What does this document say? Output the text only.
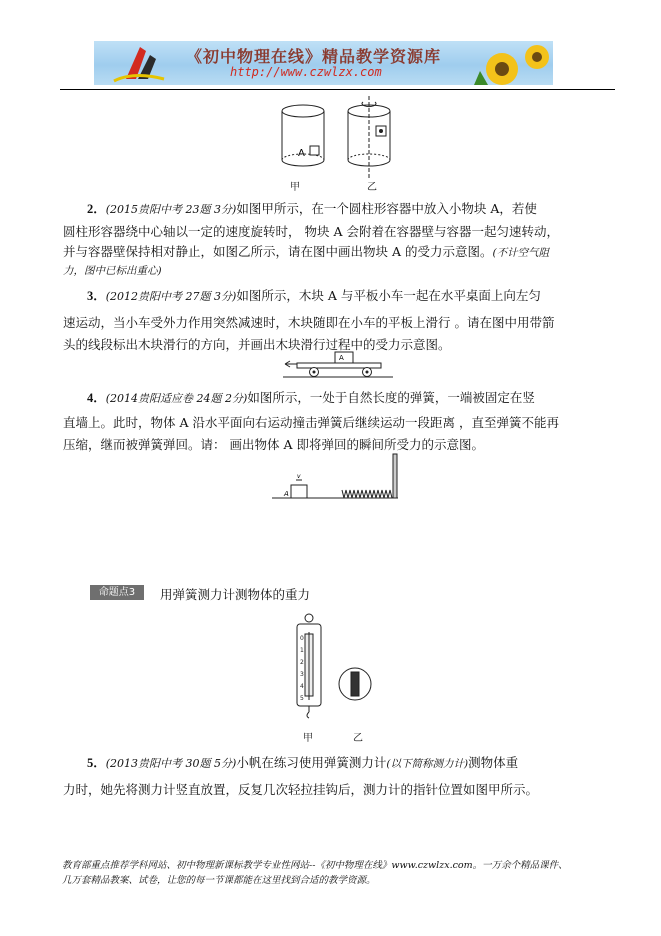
《初中物理在线》精品教学资源库
http://www.czwlzx.com
A
甲	乙
2．(2015贵阳中考 23题 3分)如图甲所示，在一个圆柱形容器中放入小物块 A，若使
圆柱形容器绕中心轴以一定的速度旋转时， 物块 A 会附着在容器壁与容器一起匀速转动，
并与容器壁保持相对静止，如图乙所示，请在图中画出物块 A 的受力示意图。(不计空气阻
力，图中已标出重心)
3．(2012贵阳中考 27题 3分)如图所示，木块 A 与平板小车一起在水平桌面上向左匀
速运动，当小车受外力作用突然减速时，木块随即在小车的平板上滑行 。请在图中用带箭
头的线段标出木块滑行的方向，并画出木块滑行过程中的受力示意图。
A
4．(2014贵阳适应卷 24题 2分)如图所示，一处于自然长度的弹簧，一端被固定在竖
直墙上。此时，物体 A 沿水平面向右运动撞击弹簧后继续运动一段距离 ，直至弹簧不能再
压缩，继而被弹簧弹回。请： 画出物体 A 即将弹回的瞬间所受力的示意图。
A
v
命题点3	用弹簧测力计测物体的重力
0
1
2
3
4
5
甲	乙
5．(2013贵阳中考 30题 5分)小帆在练习使用弹簧测力计(以下简称测力计)测物体重
力时，她先将测力计竖直放置，反复几次轻拉挂钩后，测力计的指针位置如图甲所示。
教育部重点推荐学科网站、初中物理新课标教学专业性网站--《初中物理在线》www.czwlzx.com。一万余个精品课件、
几万套精品教案、试卷，让您的每一节课都能在这里找到合适的教学资源。
